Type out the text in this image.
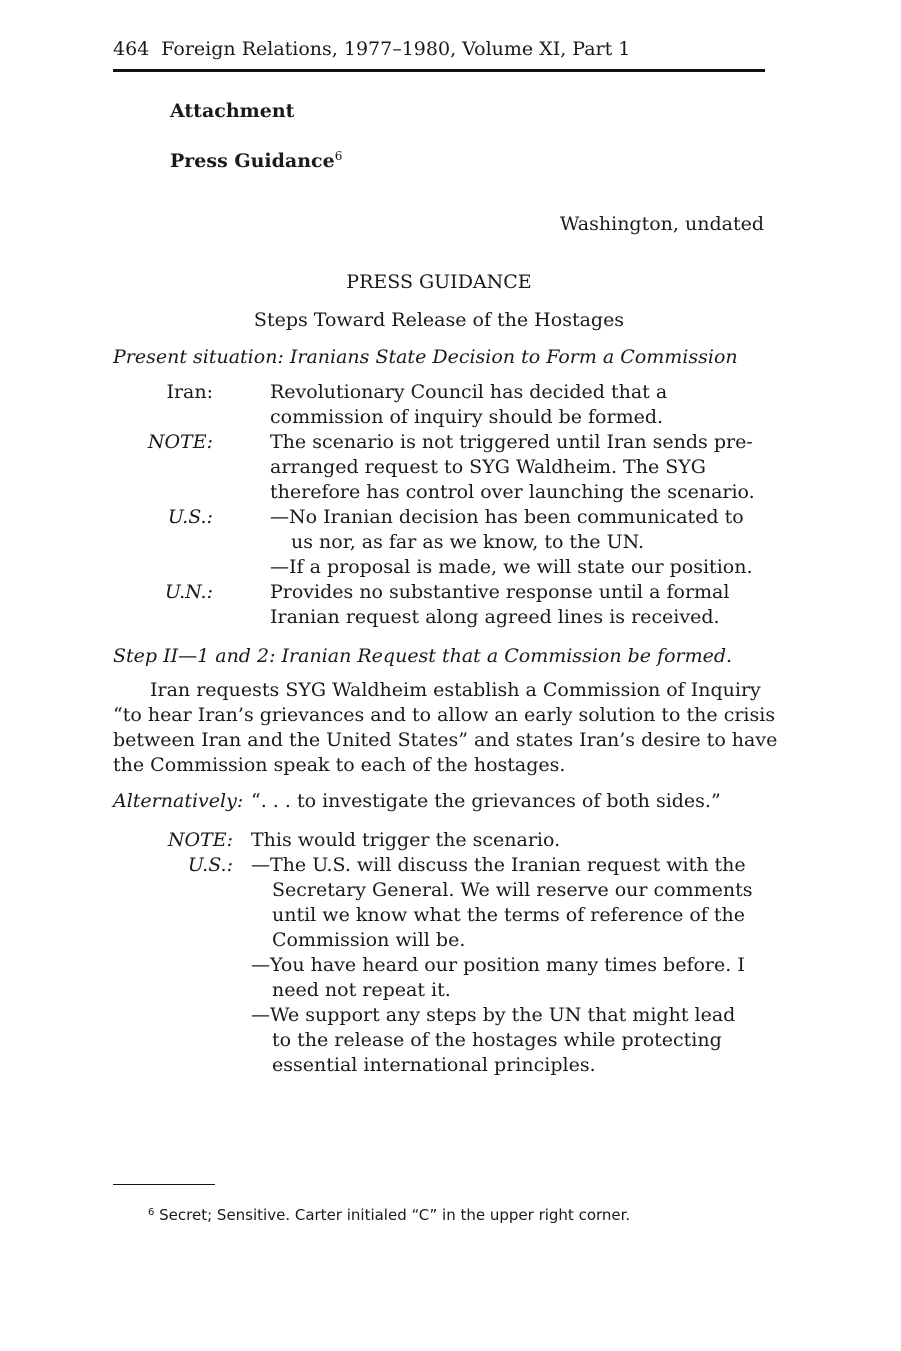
464 Foreign Relations, 1977–1980, Volume XI, Part 1
Attachment
Press Guidance$^6$
Washington, undated
PRESS GUIDANCE
Steps Toward Release of the Hostages
Present situation: Iranians State Decision to Form a Commission
Iran:	Revolutionary Council has decided that a
commission of inquiry should be formed.
NOTE:	The scenario is not triggered until Iran sends pre-
arranged request to SYG Waldheim. The SYG
therefore has control over launching the scenario.
U.S.:	—No Iranian decision has been communicated to
us nor, as far as we know, to the UN.
—If a proposal is made, we will state our position.
U.N.:	Provides no substantive response until a formal
Iranian request along agreed lines is received.
Step II—1 and 2: Iranian Request that a Commission be formed.
Iran requests SYG Waldheim establish a Commission of Inquiry
“to hear Iran’s grievances and to allow an early solution to the crisis
between Iran and the United States” and states Iran’s desire to have
the Commission speak to each of the hostages.
Alternatively: “. . . to investigate the grievances of both sides.”
NOTE: This would trigger the scenario.
U.S.: —The U.S. will discuss the Iranian request with the
Secretary General. We will reserve our comments
until we know what the terms of reference of the
Commission will be.
—You have heard our position many times before. I
need not repeat it.
—We support any steps by the UN that might lead
to the release of the hostages while protecting
essential international principles.
$^6$ Secret; Sensitive. Carter initialed “C” in the upper right corner.
